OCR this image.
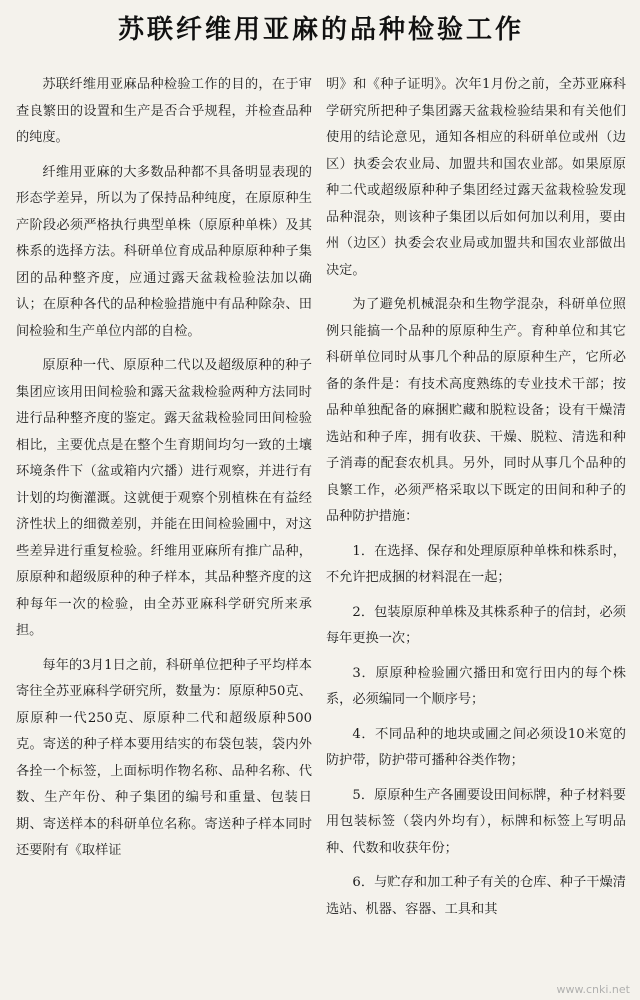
苏联纤维用亚麻的品种检验工作

苏联纤维用亚麻品种检验工作的目的，在于审查良繁田的设置和生产是否合乎规程，并检查品种的纯度。

纤维用亚麻的大多数品种都不具备明显表现的形态学差异，所以为了保持品种纯度，在原原种生产阶段必须严格执行典型单株（原原种单株）及其株系的选择方法。科研单位育成品种原原种种子集团的品种整齐度，应通过露天盆栽检验法加以确认；在原种各代的品种检验措施中有品种除杂、田间检验和生产单位内部的自检。

原原种一代、原原种二代以及超级原种的种子集团应该用田间检验和露天盆栽检验两种方法同时进行品种整齐度的鉴定。露天盆栽检验同田间检验相比，主要优点是在整个生育期间均匀一致的土壤环境条件下（盆或箱内穴播）进行观察，并进行有计划的均衡灌溉。这就便于观察个别植株在有益经济性状上的细微差别，并能在田间检验圃中，对这些差异进行重复检验。纤维用亚麻所有推广品种，原原种和超级原种的种子样本，其品种整齐度的这种每年一次的检验，由全苏亚麻科学研究所来承担。

每年的3月1日之前，科研单位把种子平均样本寄往全苏亚麻科学研究所，数量为：原原种50克、原原种一代250克、原原种二代和超级原种500克。寄送的种子样本要用结实的布袋包装，袋内外各拴一个标签，上面标明作物名称、品种名称、代数、生产年份、种子集团的编号和重量、包装日期、寄送样本的科研单位名称。寄送种子样本同时还要附有《取样证

明》和《种子证明》。次年1月份之前，全苏亚麻科学研究所把种子集团露天盆栽检验结果和有关他们使用的结论意见，通知各相应的科研单位或州（边区）执委会农业局、加盟共和国农业部。如果原原种二代或超级原种种子集团经过露天盆栽检验发现品种混杂，则该种子集团以后如何加以利用，要由州（边区）执委会农业局或加盟共和国农业部做出决定。

为了避免机械混杂和生物学混杂，科研单位照例只能搞一个品种的原原种生产。育种单位和其它科研单位同时从事几个种品的原原种生产，它所必备的条件是：有技术高度熟练的专业技术干部；按品种单独配备的麻捆贮藏和脱粒设备；设有干燥清选站和种子库，拥有收获、干燥、脱粒、清选和种子消毒的配套农机具。另外，同时从事几个品种的良繁工作，必须严格采取以下既定的田间和种子的品种防护措施：

1．在选择、保存和处理原原种单株和株系时，不允许把成捆的材料混在一起；

2．包装原原种单株及其株系种子的信封，必须每年更换一次；

3．原原种检验圃穴播田和宽行田内的每个株系，必须编同一个顺序号；

4．不同品种的地块或圃之间必须设10米宽的防护带，防护带可播种谷类作物；

5．原原种生产各圃要设田间标牌，种子材料要用包装标签（袋内外均有），标牌和标签上写明品种、代数和收获年份；

6．与贮存和加工种子有关的仓库、种子干燥清选站、机器、容器、工具和其

www.cnki.net
